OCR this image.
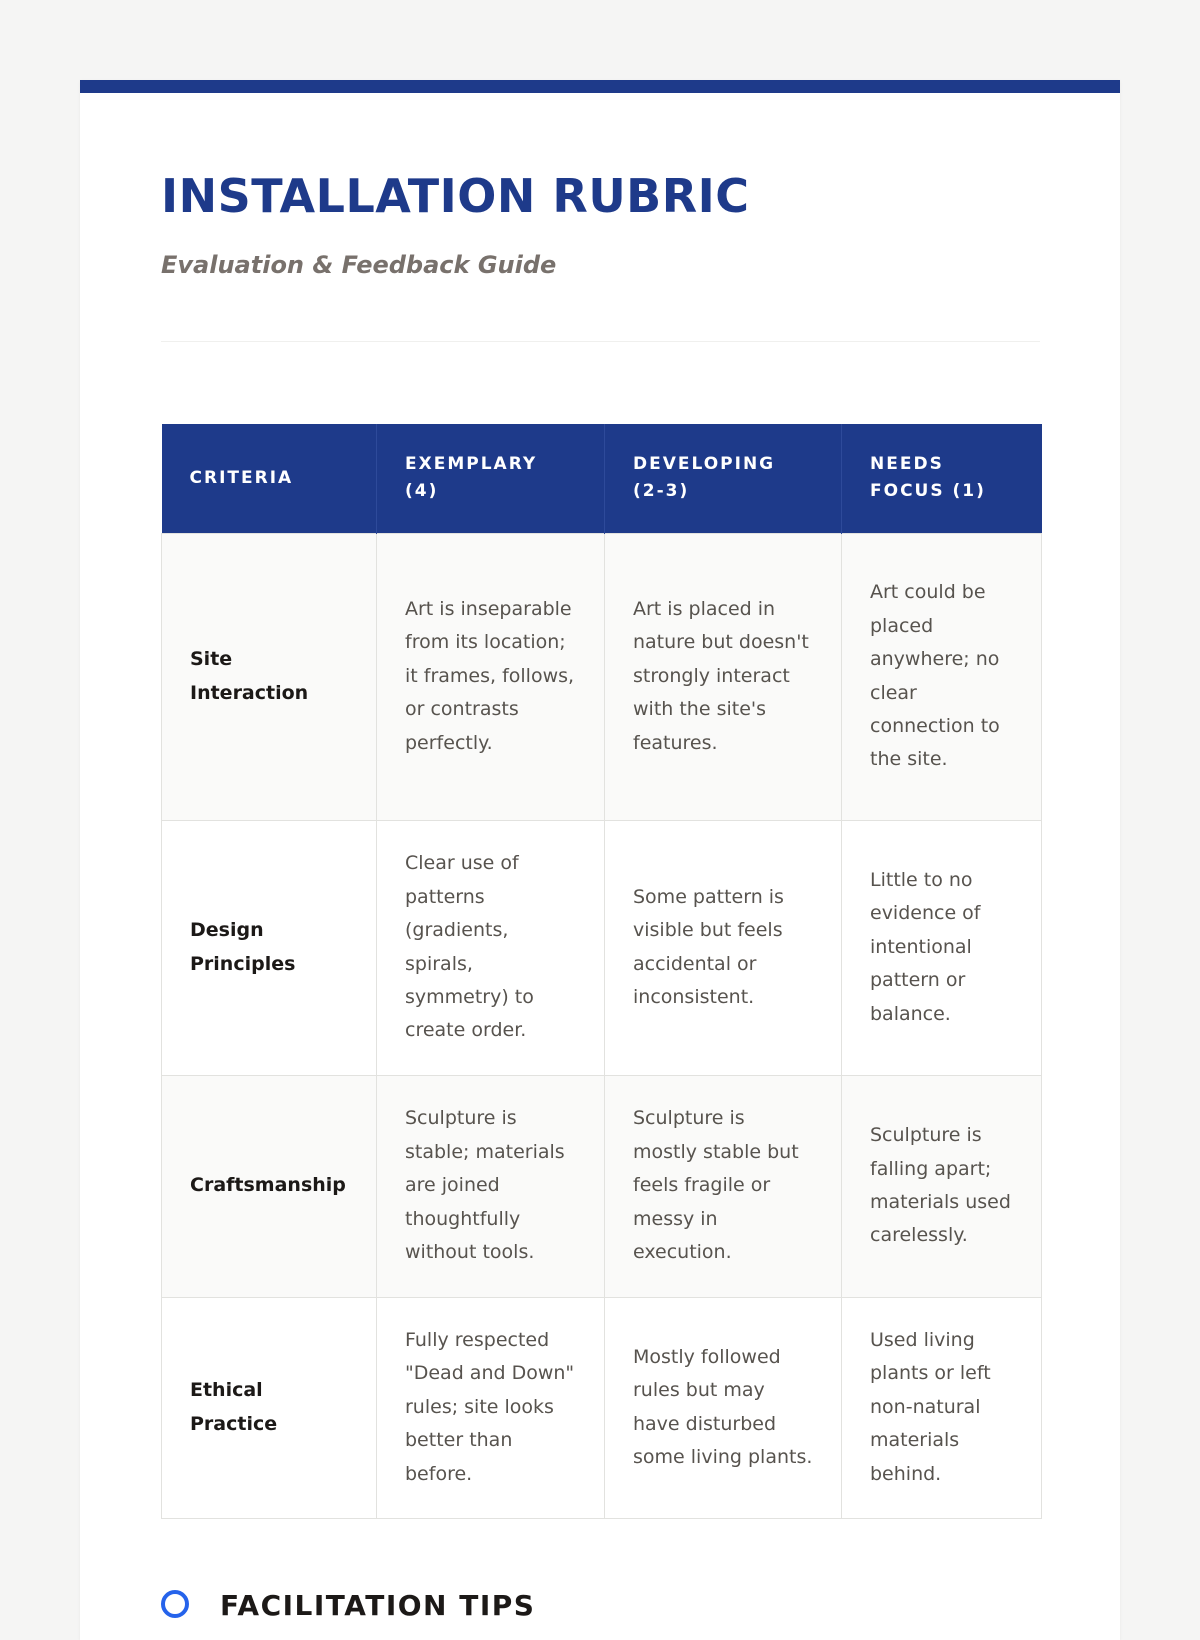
INSTALLATION RUBRIC
Evaluation & Feedback Guide
CRITERIA	EXEMPLARY (4)	DEVELOPING (2-3)	NEEDS FOCUS (1)
Site Interaction	Art is inseparable from its location; it frames, follows, or contrasts perfectly.	Art is placed in nature but doesn't strongly interact with the site's features.	Art could be placed anywhere; no clear connection to the site.
Design Principles	Clear use of patterns (gradients, spirals, symmetry) to create order.	Some pattern is visible but feels accidental or inconsistent.	Little to no evidence of intentional pattern or balance.
Craftsmanship	Sculpture is stable; materials are joined thoughtfully without tools.	Sculpture is mostly stable but feels fragile or messy in execution.	Sculpture is falling apart; materials used carelessly.
Ethical Practice	Fully respected "Dead and Down" rules; site looks better than before.	Mostly followed rules but may have disturbed some living plants.	Used living plants or left non-natural materials behind.
FACILITATION TIPS
